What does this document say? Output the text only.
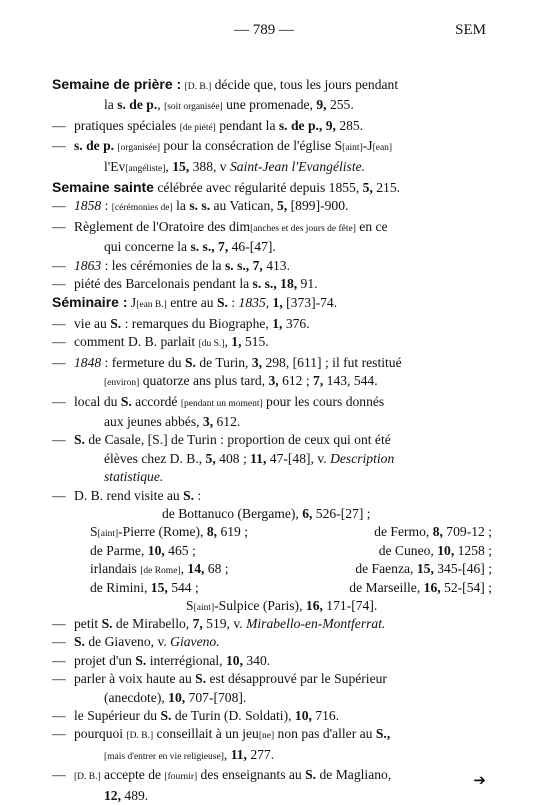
— 789 —	SEM

Semaine de prière : [D. B.] décide que, tous les jours pendant
la s. de p., [soit organisée] une promenade, 9, 255.

— pratiques spéciales [de piété] pendant la s. de p., 9, 285.

— s. de p. [organisée] pour la consécration de l'église S[aint]-J[ean]
l'Ev[angéliste], 15, 388, v Saint-Jean l'Evangéliste.

Semaine sainte célébrée avec régularité depuis 1855, 5, 215.

— 1858 : [cérémonies de] la s. s. au Vatican, 5, [899]-900.

— Règlement de l'Oratoire des dim[anches et des jours de fête] en ce
qui concerne la s. s., 7, 46-[47].

— 1863 : les cérémonies de la s. s., 7, 413.

— piété des Barcelonais pendant la s. s., 18, 91.

Séminaire : J[ean B.] entre au S. : 1835, 1, [373]-74.

— vie au S. : remarques du Biographe, 1, 376.

— comment D. B. parlait [du S.], 1, 515.

— 1848 : fermeture du S. de Turin, 3, 298, [611] ; il fut restitué
[environ] quatorze ans plus tard, 3, 612 ; 7, 143, 544.

— local du S. accordé [pendant un moment] pour les cours donnés
aux jeunes abbés, 3, 612.

— S. de Casale, [S.] de Turin : proportion de ceux qui ont été
élèves chez D. B., 5, 408 ; 11, 47-[48], v. Description
statistique.

— D. B. rend visite au S. :

de Bottanuco (Bergame), 6, 526-[27] ;
S[aint]-Pierre (Rome), 8, 619 ;	de Fermo, 8, 709-12 ;
de Parme, 10, 465 ;	de Cuneo, 10, 1258 ;
irlandais [de Rome], 14, 68 ;	de Faenza, 15, 345-[46] ;
de Rimini, 15, 544 ;	de Marseille, 16, 52-[54] ;
S[aint]-Sulpice (Paris), 16, 171-[74].

— petit S. de Mirabello, 7, 519, v. Mirabello-en-Montferrat.

— S. de Giaveno, v. Giaveno.

— projet d'un S. interrégional, 10, 340.

— parler à voix haute au S. est désapprouvé par le Supérieur
(anecdote), 10, 707-[708].

— le Supérieur du S. de Turin (D. Soldati), 10, 716.

— pourquoi [D. B.] conseillait à un jeu[ne] non pas d'aller au S.,
[mais d'entrer en vie religieuse], 11, 277.

— [D. B.] accepte de [fournir] des enseignants au S. de Magliano,
12, 489.

➔
